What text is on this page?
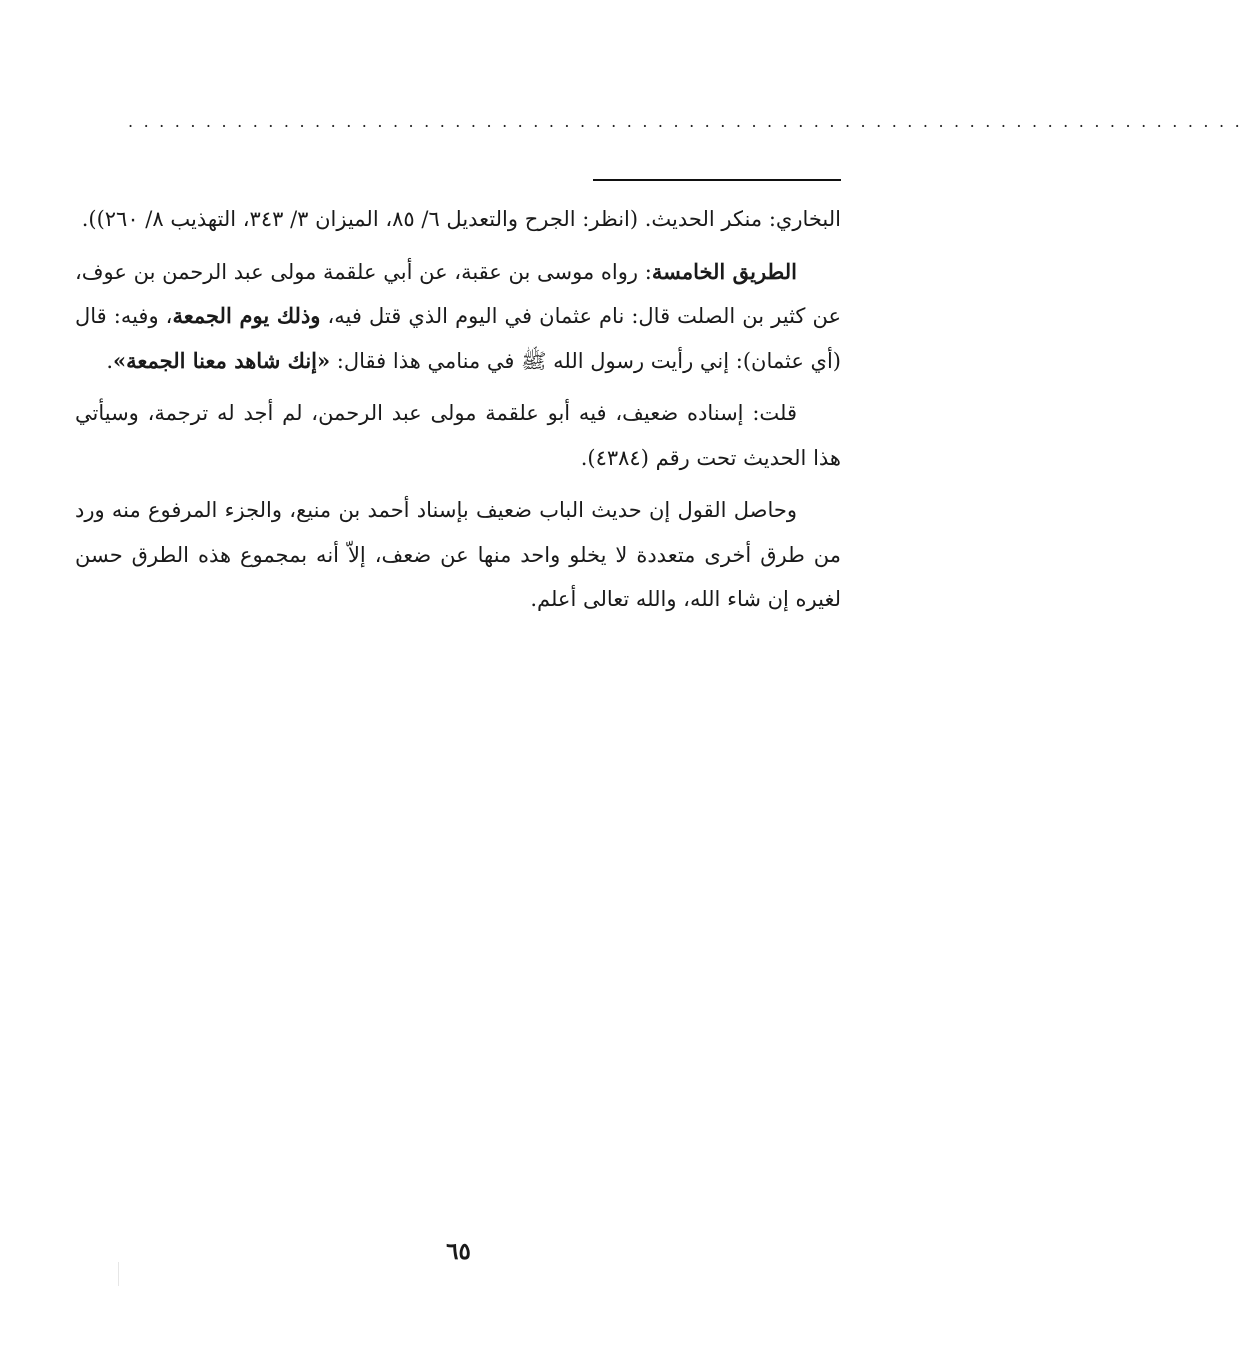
........................................................................

البخاري: منكر الحديث. (انظر: الجرح والتعديل ٦/ ٨٥، الميزان ٣/ ٣٤٣، التهذيب ٨/ ٢٦٠)).

الطريق الخامسة: رواه موسى بن عقبة، عن أبي علقمة مولى عبد الرحمن بن عوف، عن كثير بن الصلت قال: نام عثمان في اليوم الذي قتل فيه، وذلك يوم الجمعة، وفيه: قال (أي عثمان): إني رأيت رسول الله ﷺ في منامي هذا فقال: «إنك شاهد معنا الجمعة».

قلت: إسناده ضعيف، فيه أبو علقمة مولى عبد الرحمن، لم أجد له ترجمة، وسيأتي هذا الحديث تحت رقم (٤٣٨٤).

وحاصل القول إن حديث الباب ضعيف بإسناد أحمد بن منيع، والجزء المرفوع منه ورد من طرق أخرى متعددة لا يخلو واحد منها عن ضعف، إلاّ أنه بمجموع هذه الطرق حسن لغيره إن شاء الله، والله تعالى أعلم.

٦٥
